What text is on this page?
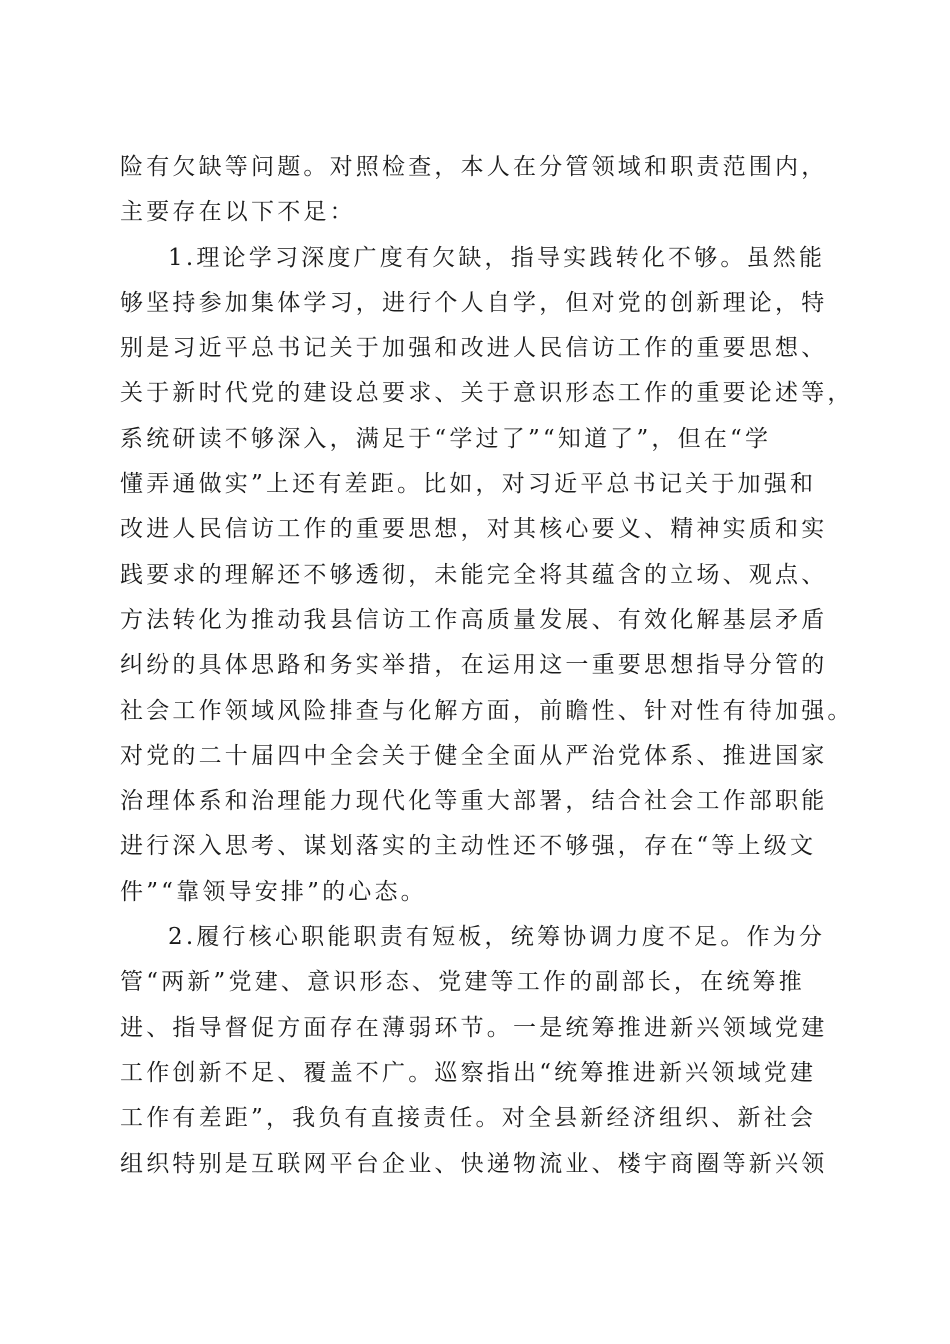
险有欠缺等问题。对照检查，本人在分管领域和职责范围内，
主要存在以下不足：
1.理论学习深度广度有欠缺，指导实践转化不够。虽然能
够坚持参加集体学习，进行个人自学，但对党的创新理论，特
别是习近平总书记关于加强和改进人民信访工作的重要思想、
关于新时代党的建设总要求、关于意识形态工作的重要论述等，
系统研读不够深入，满足于“学过了”“知道了”，但在“学
懂弄通做实”上还有差距。比如，对习近平总书记关于加强和
改进人民信访工作的重要思想，对其核心要义、精神实质和实
践要求的理解还不够透彻，未能完全将其蕴含的立场、观点、
方法转化为推动我县信访工作高质量发展、有效化解基层矛盾
纠纷的具体思路和务实举措，在运用这一重要思想指导分管的
社会工作领域风险排查与化解方面，前瞻性、针对性有待加强。
对党的二十届四中全会关于健全全面从严治党体系、推进国家
治理体系和治理能力现代化等重大部署，结合社会工作部职能
进行深入思考、谋划落实的主动性还不够强，存在“等上级文
件”“靠领导安排”的心态。
2.履行核心职能职责有短板，统筹协调力度不足。作为分
管“两新”党建、意识形态、党建等工作的副部长，在统筹推
进、指导督促方面存在薄弱环节。一是统筹推进新兴领域党建
工作创新不足、覆盖不广。巡察指出“统筹推进新兴领域党建
工作有差距”，我负有直接责任。对全县新经济组织、新社会
组织特别是互联网平台企业、快递物流业、楼宇商圈等新兴领
